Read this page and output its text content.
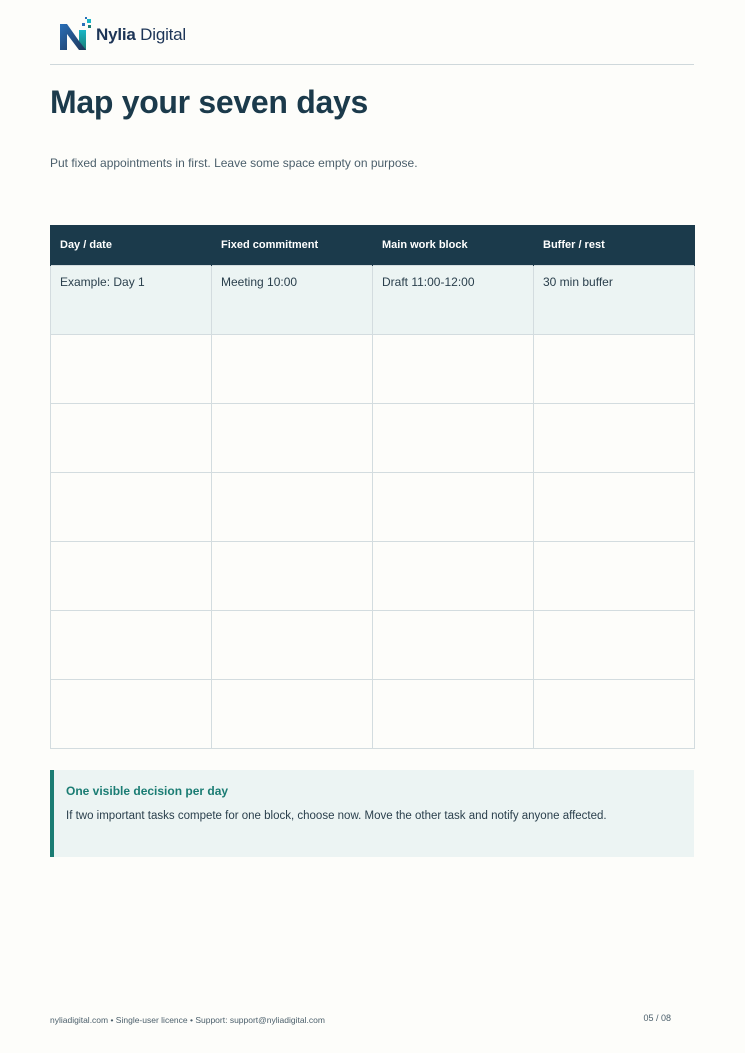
Nylia Digital
Map your seven days

Put fixed appointments in first. Leave some space empty on purpose.

Day / date	Fixed commitment	Main work block	Buffer / rest
Example: Day 1	Meeting 10:00	Draft 11:00-12:00	30 min buffer

One visible decision per day
If two important tasks compete for one block, choose now. Move the other task and notify anyone affected.
nyliadigital.com • Single-user licence • Support: support@nyliadigital.com	05 / 08
